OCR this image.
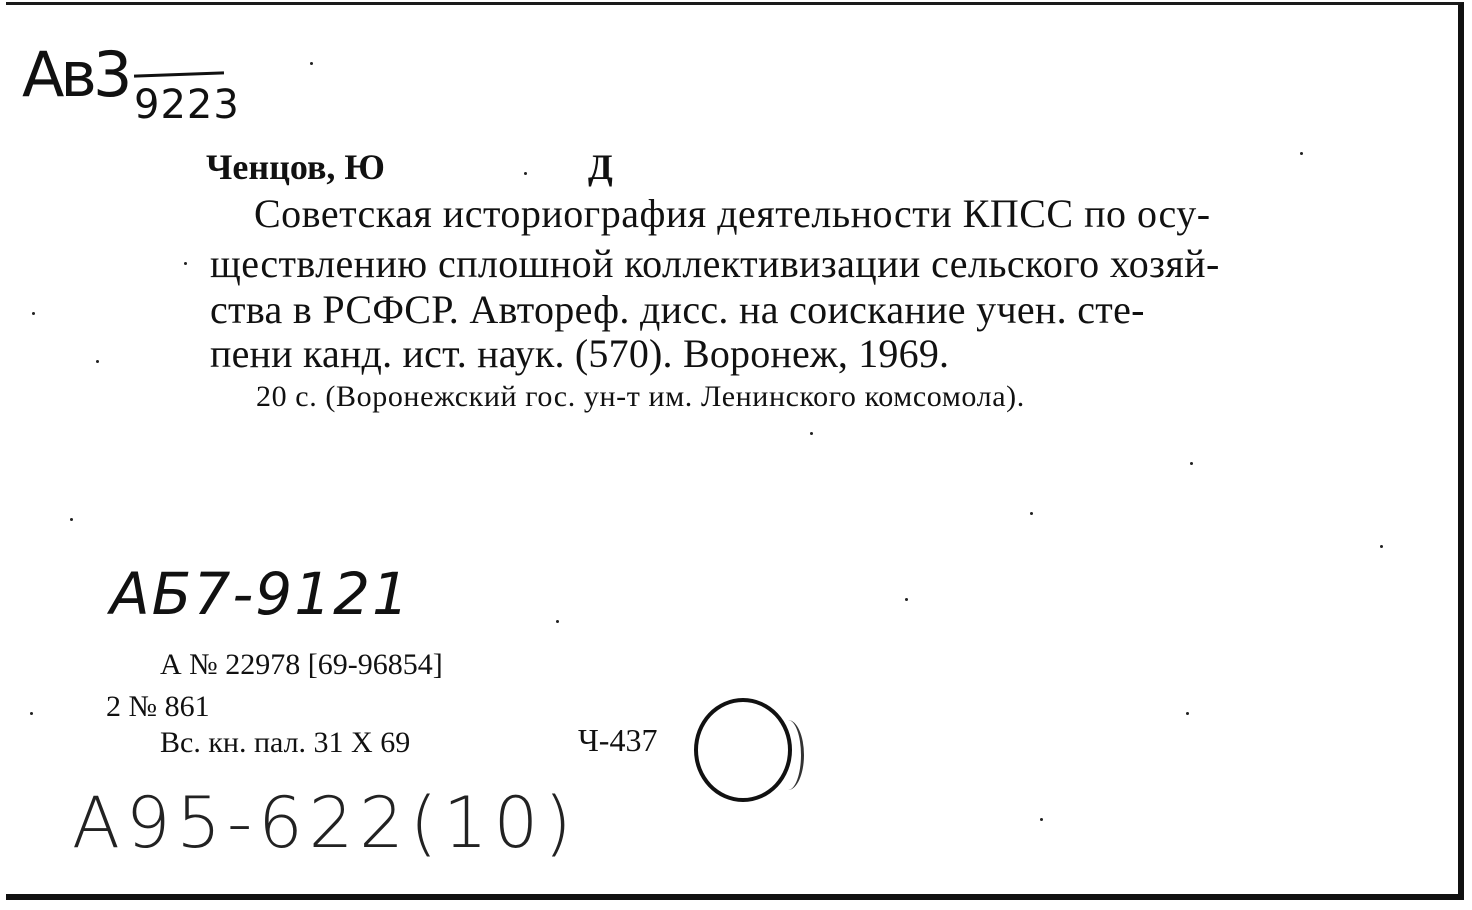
Ав3 9223
Ченцов, Ю	Д
Советская историография деятельности КПСС по осу-
ществлению сплошной коллективизации сельского хозяй-
ства в РСФСР. Автореф. дисс. на соискание учен. сте-
пени канд. ист. наук. (570). Воронеж, 1969.
20 с. (Воронежский гос. ун-т им. Ленинского комсомола).
АБ7-9121
А № 22978 [69-96854]
2 № 861
Вс. кн. пал. 31 X 69	Ч-437
А95-622(10)
